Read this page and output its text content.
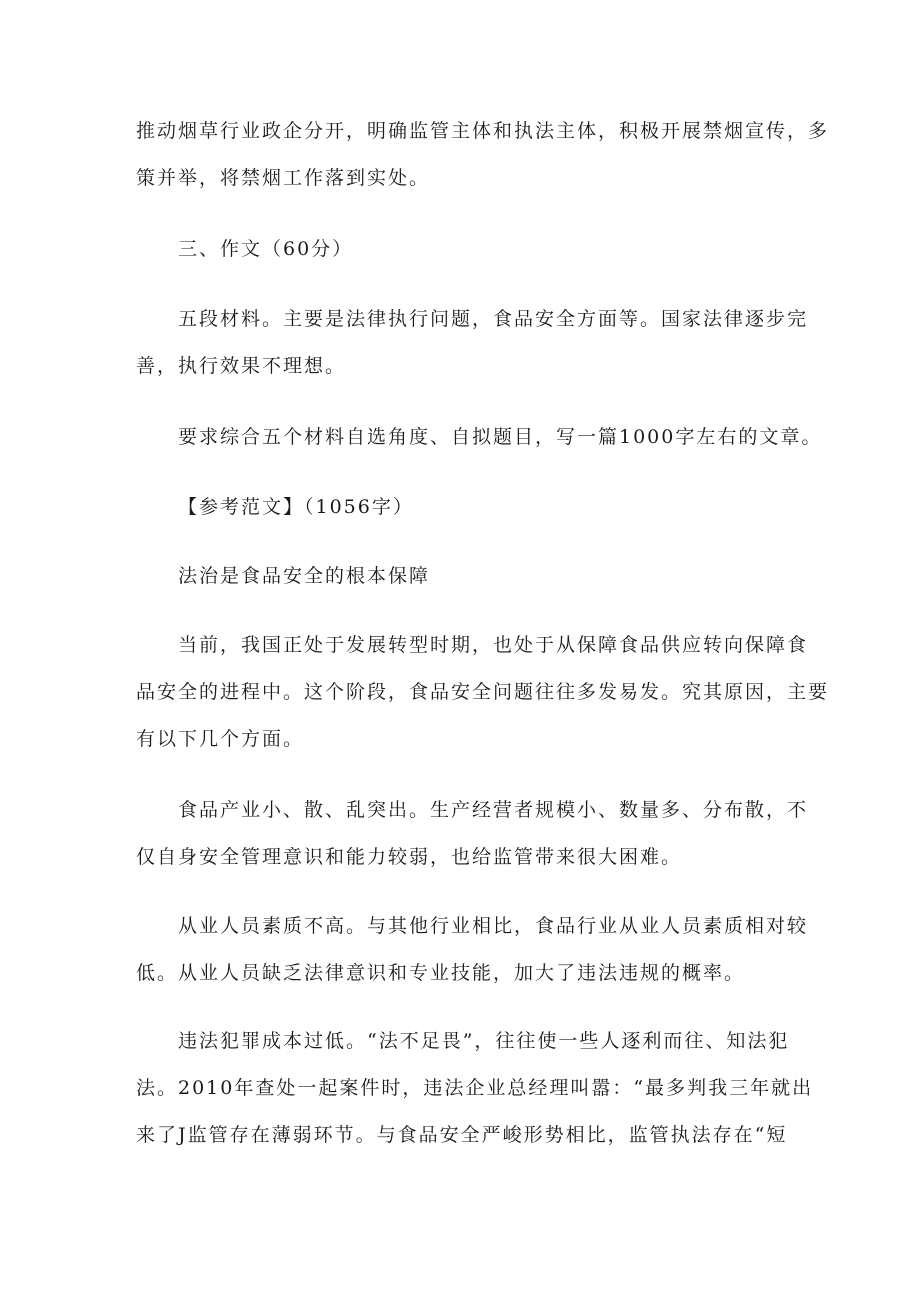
推动烟草行业政企分开，明确监管主体和执法主体，积极开展禁烟宣传，多
策并举，将禁烟工作落到实处。
三、作文（60分）
五段材料。主要是法律执行问题，食品安全方面等。国家法律逐步完
善，执行效果不理想。
要求综合五个材料自选角度、自拟题目，写一篇1000字左右的文章。
【参考范文】（1056字）
法治是食品安全的根本保障
当前，我国正处于发展转型时期，也处于从保障食品供应转向保障食
品安全的进程中。这个阶段，食品安全问题往往多发易发。究其原因，主要
有以下几个方面。
食品产业小、散、乱突出。生产经营者规模小、数量多、分布散，不
仅自身安全管理意识和能力较弱，也给监管带来很大困难。
从业人员素质不高。与其他行业相比，食品行业从业人员素质相对较
低。从业人员缺乏法律意识和专业技能，加大了违法违规的概率。
违法犯罪成本过低。“法不足畏”，往往使一些人逐利而往、知法犯
法。2010年查处一起案件时，违法企业总经理叫嚣：“最多判我三年就出
来了J监管存在薄弱环节。与食品安全严峻形势相比，监管执法存在“短
